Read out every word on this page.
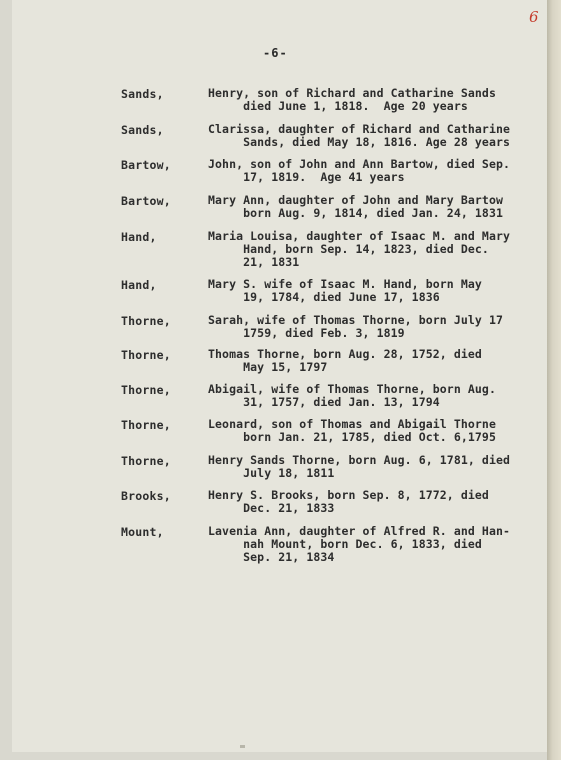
6
-6-
Sands,	Henry, son of Richard and Catharine Sands
died June 1, 1818.  Age 20 years
Sands,	Clarissa, daughter of Richard and Catharine
Sands, died May 18, 1816. Age 28 years
Bartow,	John, son of John and Ann Bartow, died Sep.
17, 1819.  Age 41 years
Bartow,	Mary Ann, daughter of John and Mary Bartow
born Aug. 9, 1814, died Jan. 24, 1831
Hand,	Maria Louisa, daughter of Isaac M. and Mary
Hand, born Sep. 14, 1823, died Dec.
21, 1831
Hand,	Mary S. wife of Isaac M. Hand, born May
19, 1784, died June 17, 1836
Thorne,	Sarah, wife of Thomas Thorne, born July 17
1759, died Feb. 3, 1819
Thorne,	Thomas Thorne, born Aug. 28, 1752, died
May 15, 1797
Thorne,	Abigail, wife of Thomas Thorne, born Aug.
31, 1757, died Jan. 13, 1794
Thorne,	Leonard, son of Thomas and Abigail Thorne
born Jan. 21, 1785, died Oct. 6,1795
Thorne,	Henry Sands Thorne, born Aug. 6, 1781, died
July 18, 1811
Brooks,	Henry S. Brooks, born Sep. 8, 1772, died
Dec. 21, 1833
Mount,	Lavenia Ann, daughter of Alfred R. and Han-
nah Mount, born Dec. 6, 1833, died
Sep. 21, 1834
